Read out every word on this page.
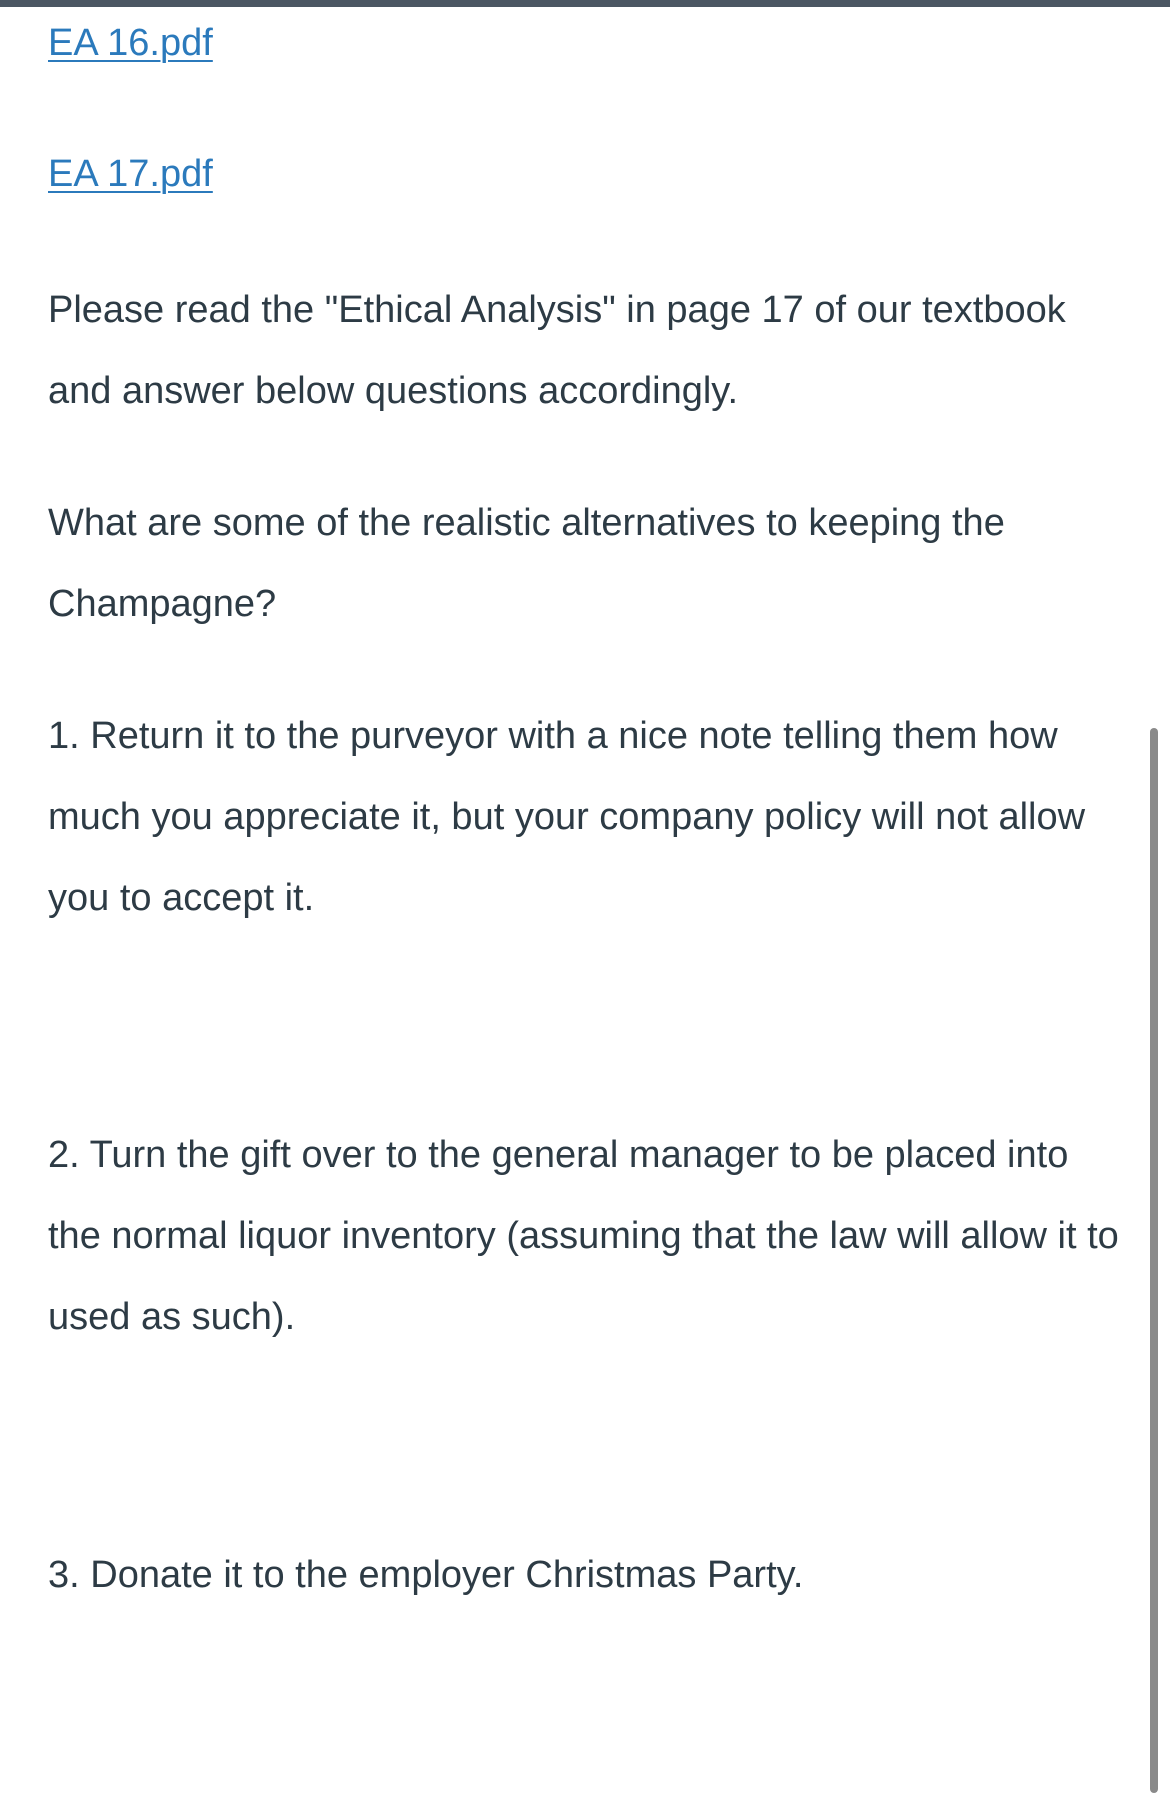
EA 16.pdf
EA 17.pdf

Please read the "Ethical Analysis" in page 17 of our textbook and answer below questions accordingly.

What are some of the realistic alternatives to keeping the Champagne?

1. Return it to the purveyor with a nice note telling them how much you appreciate it, but your company policy will not allow you to accept it.

2. Turn the gift over to the general manager to be placed into the normal liquor inventory (assuming that the law will allow it to used as such).

3. Donate it to the employer Christmas Party.
